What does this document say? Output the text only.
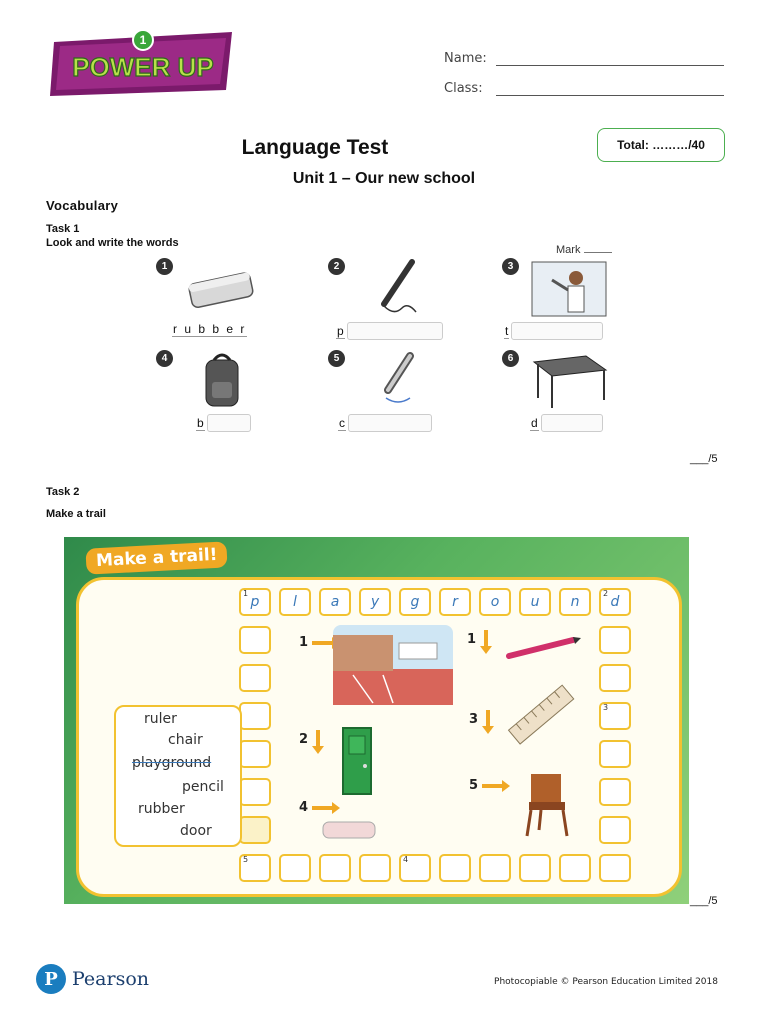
1
POWER UP	Name:
Class:
Language Test	Total: ………/40
Unit 1 – Our new school
Vocabulary
Task 1
Look and write the words
Mark
1
r u b b e r
2
p
3
t
4
b
5
c
6
d
___/5
Task 2
Make a trail
Make a trail!
1
p l a y g r o u n
2
d
3
5	4
ruler
chair
playground
pencil
rubber
door
1	1
2
3
4
5
___/5
P Pearson	Photocopiable © Pearson Education Limited 2018
